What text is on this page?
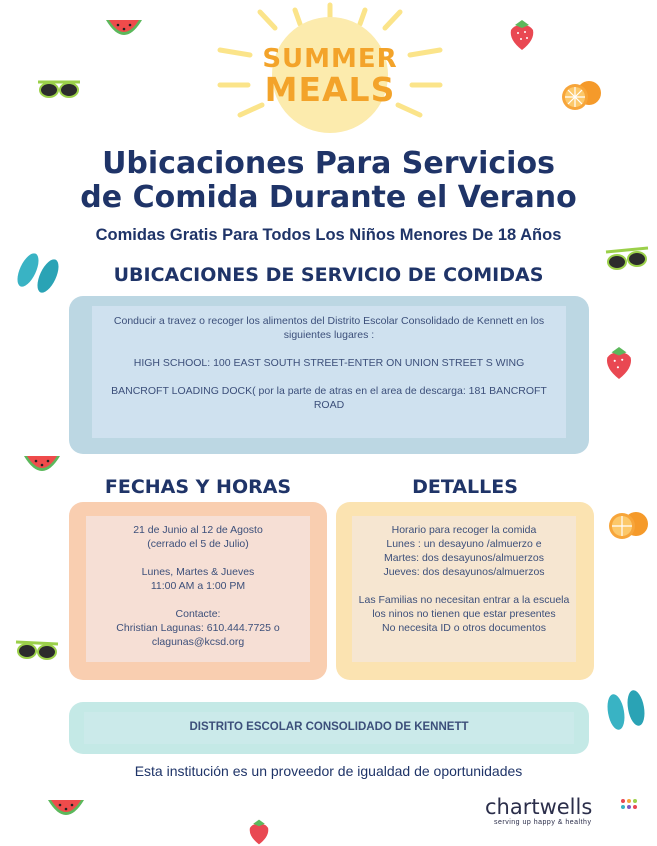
SUMMER
MEALS
Ubicaciones Para Servicios
de Comida Durante el Verano
Comidas Gratis Para Todos Los Niños Menores De 18 Años
UBICACIONES DE SERVICIO DE COMIDAS

Conducir a travez o recoger los alimentos del Distrito Escolar Consolidado de Kennett en los siguientes lugares :

HIGH SCHOOL: 100 EAST SOUTH STREET-ENTER ON UNION STREET S WING

BANCROFT LOADING DOCK( por la parte de atras en el area de descarga: 181 BANCROFT ROAD

FECHAS Y HORAS

21 de Junio al 12 de Agosto

(cerrado el 5 de Julio)

Lunes, Martes & Jueves

11:00 AM a 1:00 PM

Contacte:

Christian Lagunas: 610.444.7725 o

clagunas@kcsd.org

DETALLES

Horario para recoger la comida

Lunes : un desayuno /almuerzo e

Martes: dos desayunos/almuerzos

Jueves: dos desayunos/almuerzos

Las Familias no necesitan entrar a la escuela

los ninos no tienen que estar presentes

No necesita ID o otros documentos

DISTRITO ESCOLAR CONSOLIDADO DE KENNETT
Esta institución es un proveedor de igualdad de oportunidades
chartwells
serving up happy & healthy
